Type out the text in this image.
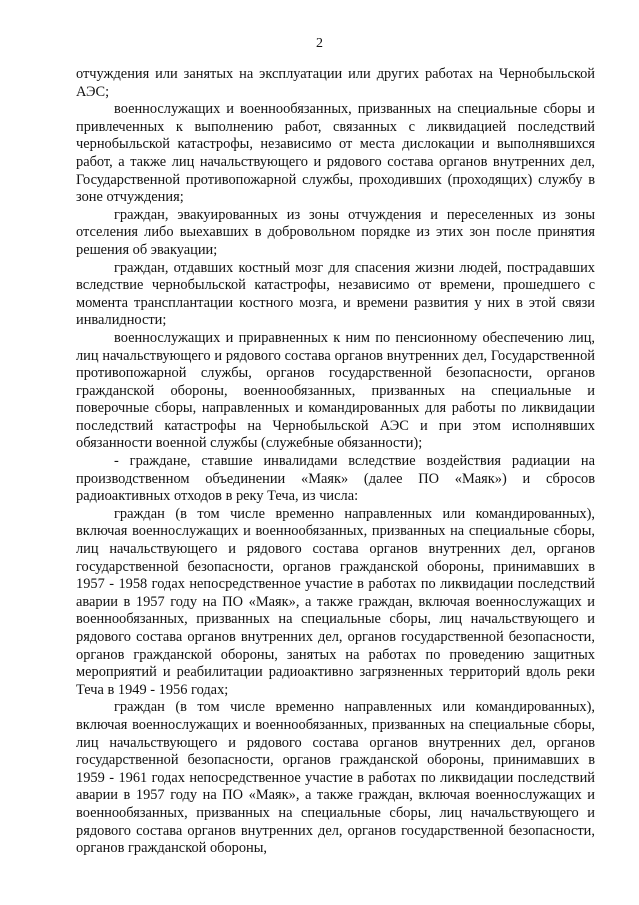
2

отчуждения или занятых на эксплуатации или других работах на Чернобыльской АЭС;

военнослужащих и военнообязанных, призванных на специальные сборы и привлеченных к выполнению работ, связанных с ликвидацией последствий чернобыльской катастрофы, независимо от места дислокации и выполнявшихся работ, а также лиц начальствующего и рядового состава органов внутренних дел, Государственной противопожарной службы, проходивших (проходящих) службу в зоне отчуждения;

граждан, эвакуированных из зоны отчуждения и переселенных из зоны отселения либо выехавших в добровольном порядке из этих зон после принятия решения об эвакуации;

граждан, отдавших костный мозг для спасения жизни людей, пострадавших вследствие чернобыльской катастрофы, независимо от времени, прошедшего с момента трансплантации костного мозга, и времени развития у них в этой связи инвалидности;

военнослужащих и приравненных к ним по пенсионному обеспечению лиц, лиц начальствующего и рядового состава органов внутренних дел, Государственной противопожарной службы, органов государственной безопасности, органов гражданской обороны, военнообязанных, призванных на специальные и поверочные сборы, направленных и командированных для работы по ликвидации последствий катастрофы на Чернобыльской АЭС и при этом исполнявших обязанности военной службы (служебные обязанности);

- граждане, ставшие инвалидами вследствие воздействия радиации на производственном объединении «Маяк» (далее ПО «Маяк») и сбросов радиоактивных отходов в реку Теча, из числа:

граждан (в том числе временно направленных или командированных), включая военнослужащих и военнообязанных, призванных на специальные сборы, лиц начальствующего и рядового состава органов внутренних дел, органов государственной безопасности, органов гражданской обороны, принимавших в 1957 - 1958 годах непосредственное участие в работах по ликвидации последствий аварии в 1957 году на ПО «Маяк», а также граждан, включая военнослужащих и военнообязанных, призванных на специальные сборы, лиц начальствующего и рядового состава органов внутренних дел, органов государственной безопасности, органов гражданской обороны, занятых на работах по проведению защитных мероприятий и реабилитации радиоактивно загрязненных территорий вдоль реки Теча в 1949 - 1956 годах;

граждан (в том числе временно направленных или командированных), включая военнослужащих и военнообязанных, призванных на специальные сборы, лиц начальствующего и рядового состава органов внутренних дел, органов государственной безопасности, органов гражданской обороны, принимавших в 1959 - 1961 годах непосредственное участие в работах по ликвидации последствий аварии в 1957 году на ПО «Маяк», а также граждан, включая военнослужащих и военнообязанных, призванных на специальные сборы, лиц начальствующего и рядового состава органов внутренних дел, органов государственной безопасности, органов гражданской обороны,
